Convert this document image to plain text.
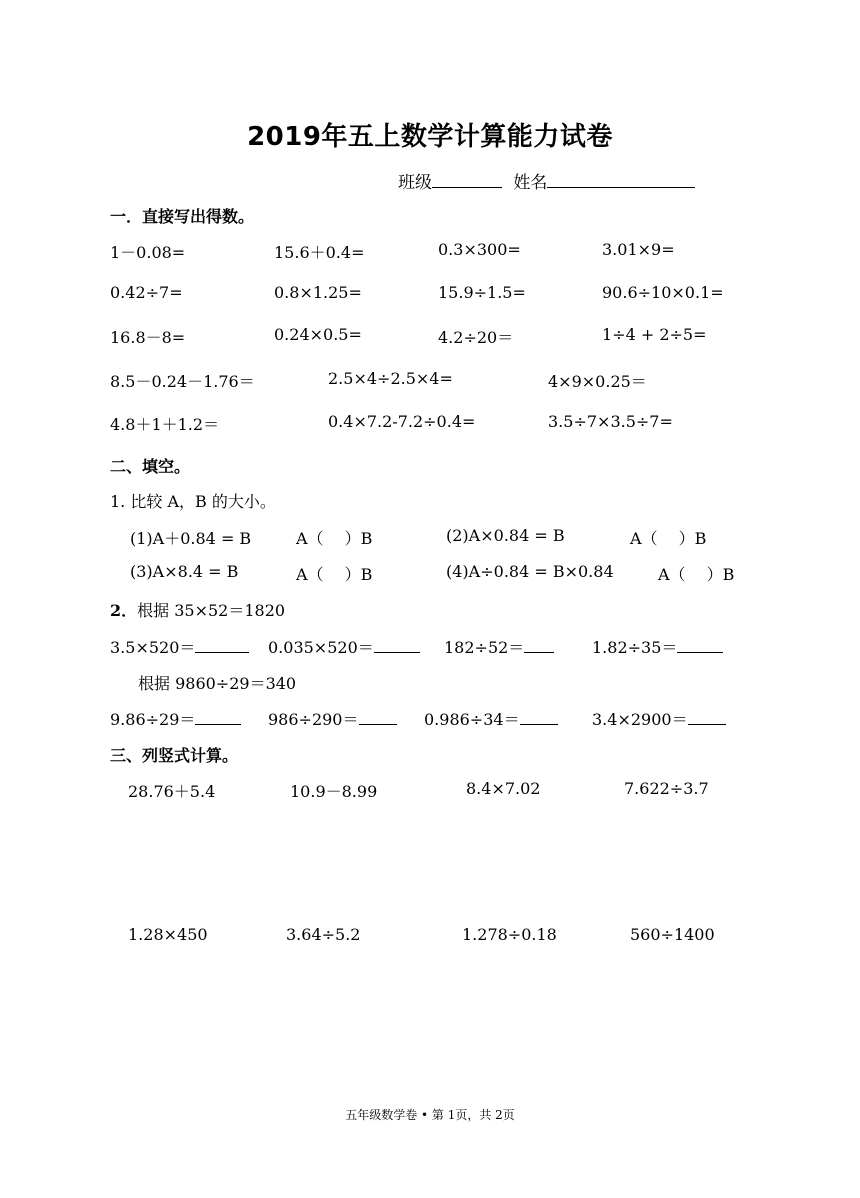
2019年五上数学计算能力试卷
班级	姓名
一．直接写出得数。
1－0.08=	15.6＋0.4=	0.3×300=	3.01×9=
0.42÷7=	0.8×1.25=	15.9÷1.5=	90.6÷10×0.1=
16.8－8=	0.24×0.5=	4.2÷20＝	1÷4 + 2÷5=
8.5－0.24－1.76＝	2.5×4÷2.5×4=	4×9×0.25＝
4.8＋1＋1.2＝	0.4×7.2-7.2÷0.4=	3.5÷7×3.5÷7=
二、填空。
1. 比较 A，B 的大小。
(1)A＋0.84 = B	A（　 ）B	(2)A×0.84 = B	A（　 ）B
(3)A×8.4 = B	A（　 ）B	(4)A÷0.84 = B×0.84	A（　 ）B
2．根据 35×52＝1820
3.5×520＝	0.035×520＝	182÷52＝	1.82÷35＝
根据 9860÷29＝340
9.86÷29＝	986÷290＝	0.986÷34＝	3.4×2900＝
三、列竖式计算。
28.76＋5.4	10.9－8.99	8.4×7.02	7.622÷3.7
1.28×450	3.64÷5.2	1.278÷0.18	560÷1400
五年级数学卷 • 第 1页，共 2页
